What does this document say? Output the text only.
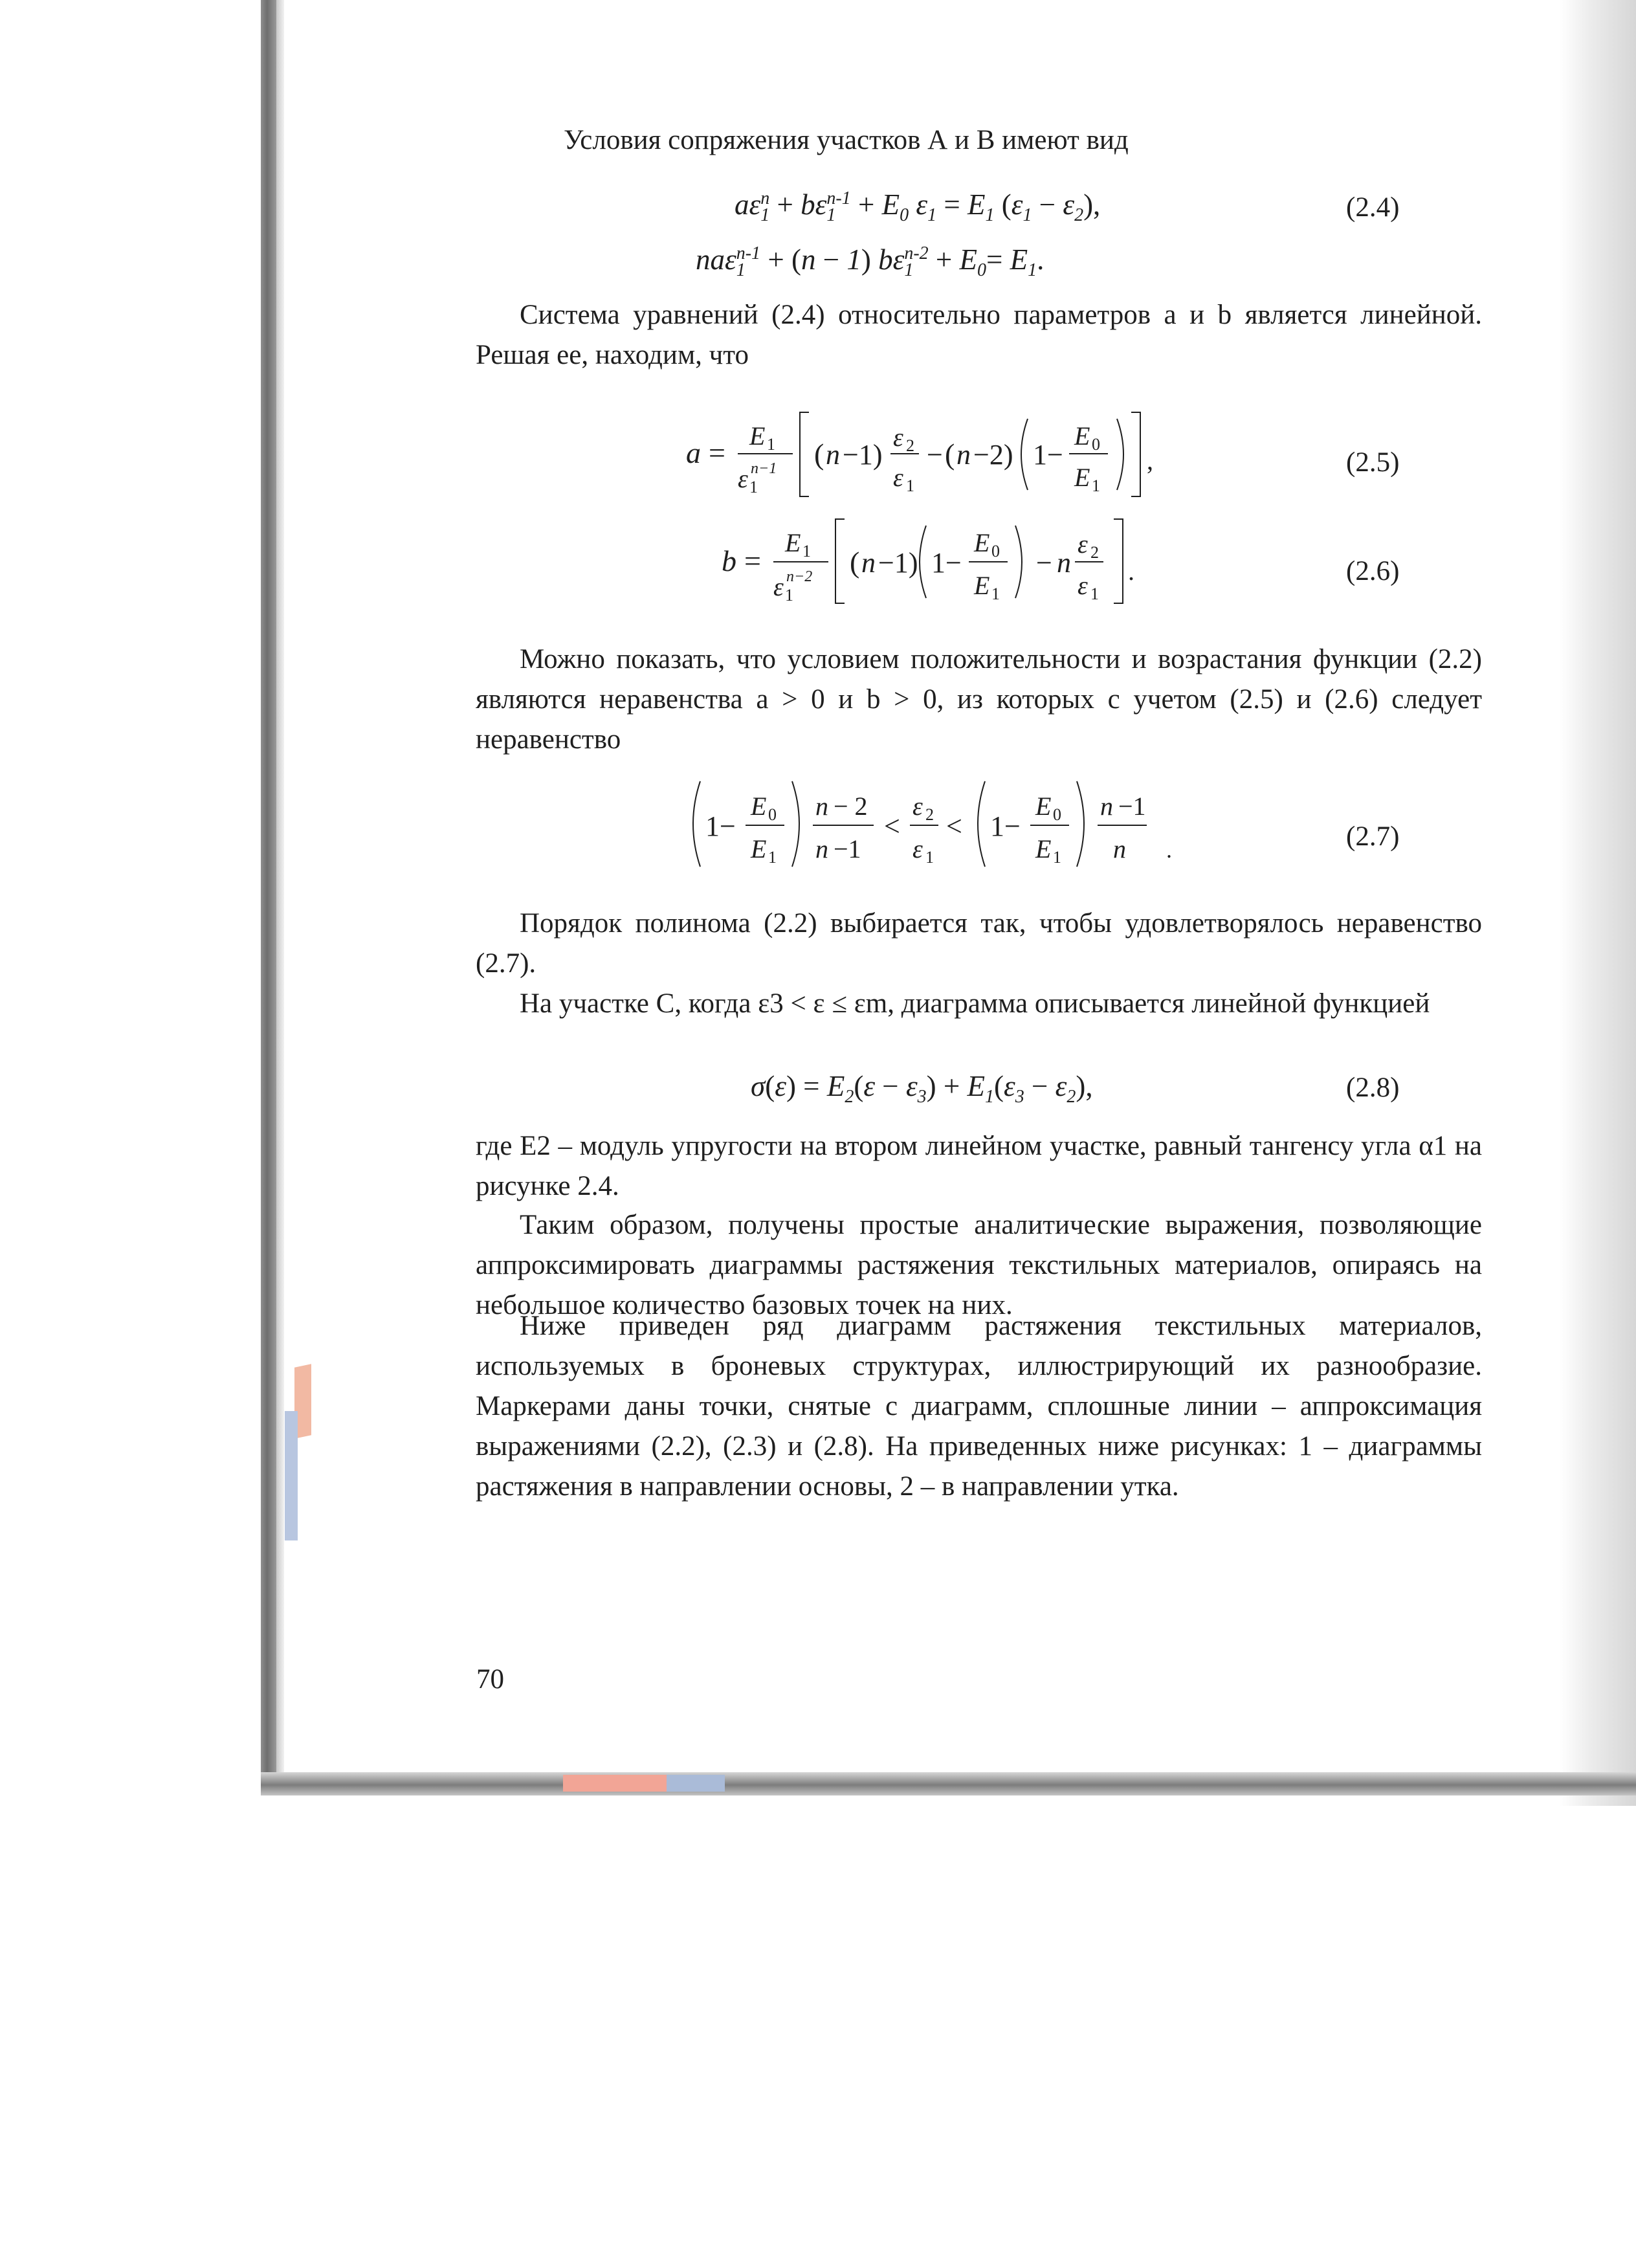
Условия сопряжения участков А и В имеют вид
$a\varepsilon_1^n + b\varepsilon_1^{n-1} + E_0$ $\varepsilon_1 = E_1$ $(\varepsilon_1 - \varepsilon_2)$,	(2.4)
naε$_1^{n-1}$ + (n − 1) $b\varepsilon_1^{n-2} + E_0= E_1$.
Система уравнений (2.4) относительно параметров a и b является линейной. Решая ее, находим, что
a =
E 1
ε 1
n−1 ( n −1)
ε 2
ε 1
− ( n −2) 1−
E 0
E 1
,	(2.5)
b =
E 1
ε 1
n−2 ( n −1) 1−
E 0
E 1
− n
ε 2
ε 1
.	(2.6)
Можно показать, что условием положительности и возрастания функции (2.2) являются неравенства a > 0 и b > 0, из которых с учетом (2.5) и (2.6) следует неравенство
1−
E 0
E 1
n − 2
n −1
<
ε 2
ε 1
< 1−
E 0
E 1
n −1
n .	(2.7)
Порядок полинома (2.2) выбирается так, чтобы удовлетворялось неравенство (2.7).
На участке С, когда ε3 < ε ≤ εm, диаграмма описывается линейной функцией
$\sigma(\varepsilon) = E_2(\varepsilon - \varepsilon_3) + E_1(\varepsilon_3 - \varepsilon_2)$,	(2.8)
где E2 – модуль упругости на втором линейном участке, равный тангенсу угла α1 на рисунке 2.4.
Таким образом, получены простые аналитические выражения, позволяющие аппроксимировать диаграммы растяжения текстильных материалов, опираясь на небольшое количество базовых точек на них.
Ниже приведен ряд диаграмм растяжения текстильных материалов, используемых в броневых структурах, иллюстрирующий их разнообразие. Маркерами даны точки, снятые с диаграмм, сплошные линии – аппроксимация выражениями (2.2), (2.3) и (2.8). На приведенных ниже рисунках: 1 – диаграммы растяжения в направлении основы, 2 – в направлении утка.
70
